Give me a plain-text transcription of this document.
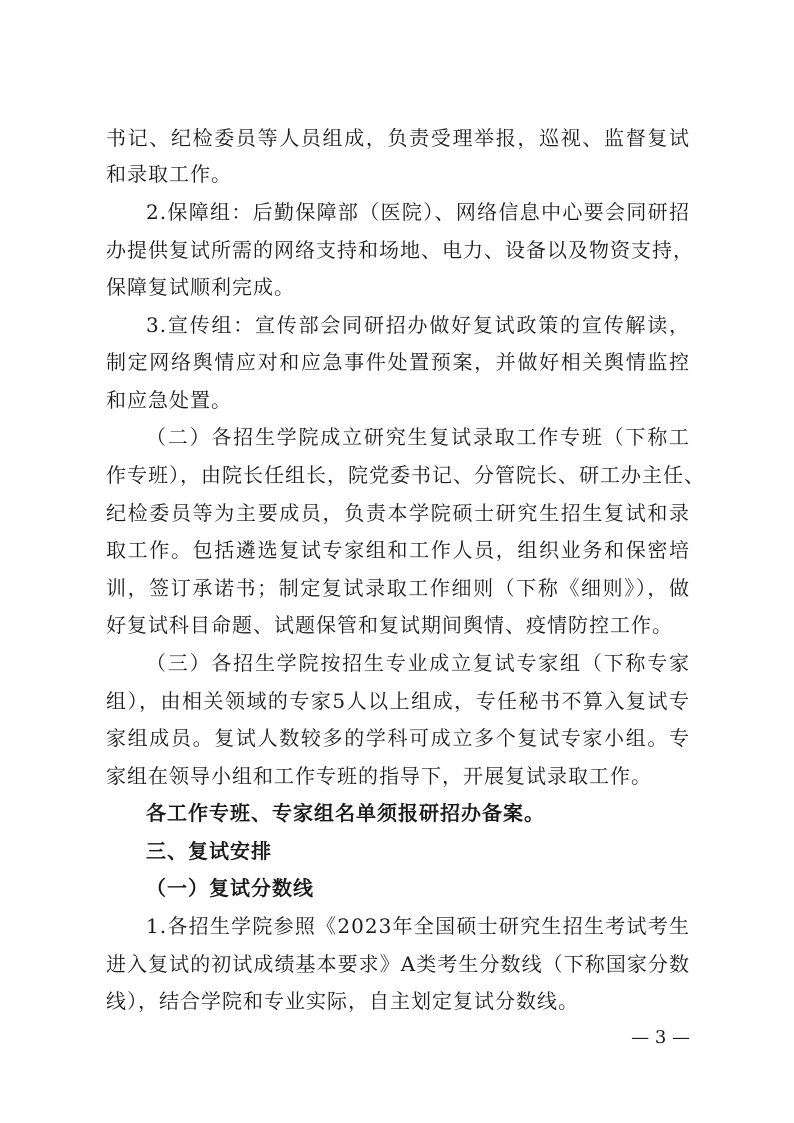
书记、纪检委员等人员组成，负责受理举报，巡视、监督复试
和录取工作。
2.保障组：后勤保障部（医院）、网络信息中心要会同研招
办提供复试所需的网络支持和场地、电力、设备以及物资支持，
保障复试顺利完成。
3.宣传组：宣传部会同研招办做好复试政策的宣传解读，
制定网络舆情应对和应急事件处置预案，并做好相关舆情监控
和应急处置。
（二）各招生学院成立研究生复试录取工作专班（下称工
作专班），由院长任组长，院党委书记、分管院长、研工办主任、
纪检委员等为主要成员，负责本学院硕士研究生招生复试和录
取工作。包括遴选复试专家组和工作人员，组织业务和保密培
训，签订承诺书；制定复试录取工作细则（下称《细则》），做
好复试科目命题、试题保管和复试期间舆情、疫情防控工作。
（三）各招生学院按招生专业成立复试专家组（下称专家
组），由相关领域的专家5人以上组成，专任秘书不算入复试专
家组成员。复试人数较多的学科可成立多个复试专家小组。专
家组在领导小组和工作专班的指导下，开展复试录取工作。
各工作专班、专家组名单须报研招办备案。
三、复试安排
（一）复试分数线
1.各招生学院参照《2023年全国硕士研究生招生考试考生
进入复试的初试成绩基本要求》A类考生分数线（下称国家分数
线），结合学院和专业实际，自主划定复试分数线。
— 3 —
